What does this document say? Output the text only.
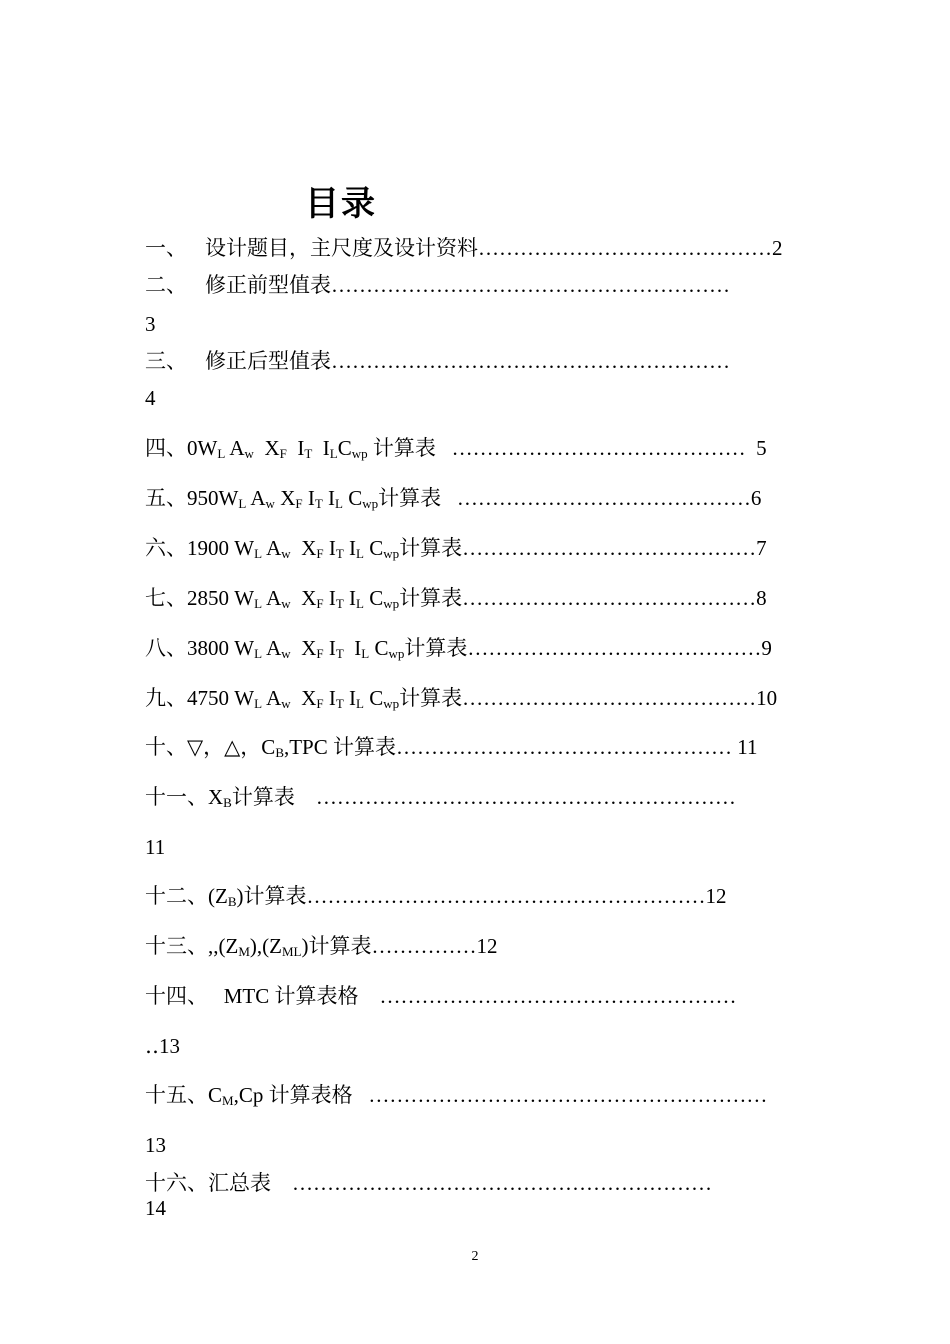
目录
一、 设计题目，主尺度及设计资料……………………………………2
二、 修正前型值表…………………………………………………
3
三、 修正后型值表…………………………………………………
4
四、$0W_L$ $A_w$ $X_F$ $I_T$ $I_LC_{wp}$ 计算表 …………………………………… 5
五、$950W_L$ $A_w$ $X_F$ $I_T$ $I_L$ $C_{wp}$计算表 ……………………………………6
六、1900 $W_L$ $A_w$ $X_F$ $I_T$ $I_L$ $C_{wp}$计算表……………………………………7
七、2850 $W_L$ $A_w$ $X_F$ $I_T$ $I_L$ $C_{wp}$计算表……………………………………8
八、3800 $W_L$ $A_w$ $X_F$ $I_T$ $I_L$ $C_{wp}$计算表……………………………………9
九、4750 $W_L$ $A_w$ $X_F$ $I_T$ $I_L$ $C_{wp}$计算表……………………………………10
十、▽，△，$C_B,TPC$ 计算表………………………………………… 11
十一、$X_B$计算表 ……………………………………………………
11
十二、$(Z_B)$计算表…………………………………………………12
十三、$,,(Z_M),(Z_{ML})$计算表……………12
十四、 MTC 计算表格 ……………………………………………
‥13
十五、$C_M,Cp$ 计算表格 …………………………………………………
13
十六、汇总表 ……………………………………………………
14
2
